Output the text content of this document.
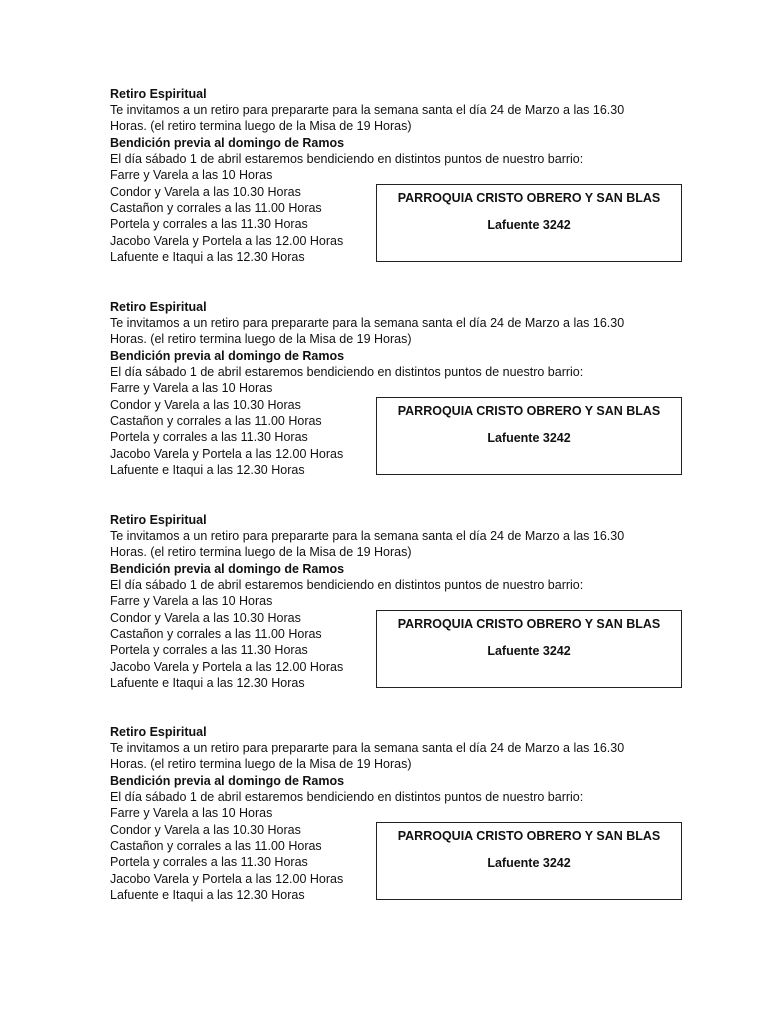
Retiro Espiritual
Te invitamos a un retiro para prepararte para la semana santa el día 24 de Marzo a las 16.30
Horas. (el retiro termina luego de la Misa de 19 Horas)
Bendición previa al domingo de Ramos
El día sábado 1 de abril estaremos bendiciendo en distintos puntos de nuestro barrio:
Farre y Varela a las 10 Horas
Condor y Varela a las 10.30 Horas
Castañon y corrales a las 11.00 Horas
Portela y corrales a las 11.30 Horas
Jacobo Varela y Portela a las 12.00 Horas
Lafuente e Itaqui a las 12.30 Horas
PARROQUIA CRISTO OBRERO Y SAN BLAS
Lafuente 3242
Retiro Espiritual
Te invitamos a un retiro para prepararte para la semana santa el día 24 de Marzo a las 16.30
Horas. (el retiro termina luego de la Misa de 19 Horas)
Bendición previa al domingo de Ramos
El día sábado 1 de abril estaremos bendiciendo en distintos puntos de nuestro barrio:
Farre y Varela a las 10 Horas
Condor y Varela a las 10.30 Horas
Castañon y corrales a las 11.00 Horas
Portela y corrales a las 11.30 Horas
Jacobo Varela y Portela a las 12.00 Horas
Lafuente e Itaqui a las 12.30 Horas
PARROQUIA CRISTO OBRERO Y SAN BLAS
Lafuente 3242
Retiro Espiritual
Te invitamos a un retiro para prepararte para la semana santa el día 24 de Marzo a las 16.30
Horas. (el retiro termina luego de la Misa de 19 Horas)
Bendición previa al domingo de Ramos
El día sábado 1 de abril estaremos bendiciendo en distintos puntos de nuestro barrio:
Farre y Varela a las 10 Horas
Condor y Varela a las 10.30 Horas
Castañon y corrales a las 11.00 Horas
Portela y corrales a las 11.30 Horas
Jacobo Varela y Portela a las 12.00 Horas
Lafuente e Itaqui a las 12.30 Horas
PARROQUIA CRISTO OBRERO Y SAN BLAS
Lafuente 3242
Retiro Espiritual
Te invitamos a un retiro para prepararte para la semana santa el día 24 de Marzo a las 16.30
Horas. (el retiro termina luego de la Misa de 19 Horas)
Bendición previa al domingo de Ramos
El día sábado 1 de abril estaremos bendiciendo en distintos puntos de nuestro barrio:
Farre y Varela a las 10 Horas
Condor y Varela a las 10.30 Horas
Castañon y corrales a las 11.00 Horas
Portela y corrales a las 11.30 Horas
Jacobo Varela y Portela a las 12.00 Horas
Lafuente e Itaqui a las 12.30 Horas
PARROQUIA CRISTO OBRERO Y SAN BLAS
Lafuente 3242
